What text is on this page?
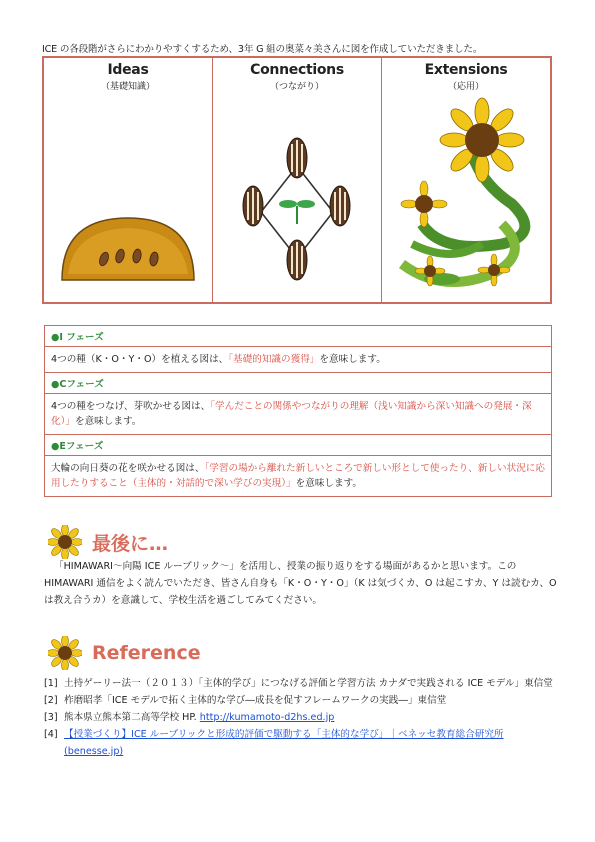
ICE の各段階がさらにわかりやすくするため、3年 G 組の奥菜々美さんに図を作成していただきました。
Ideas
（基礎知識）
Connections
（つながり）
Extensions
（応用）
●I フェーズ
4つの種（K・O・Y・O）を植える図は、「基礎的知識の獲得」を意味します。
●Cフェーズ
4つの種をつなげ、芽吹かせる図は、「学んだことの関係やつながりの理解（浅い知識から深い知識への発展・深化）」を意味します。
●Eフェーズ
大輪の向日葵の花を咲かせる図は、「学習の場から離れた新しいところで新しい形として使ったり、新しい状況に応用したりすること（主体的・対話的で深い学びの実現）」を意味します。
最後に…
「HIMAWARI〜向陽 ICE ルーブリック〜」を活用し、授業の振り返りをする場面があるかと思います。この HIMAWARI 通信をよく読んでいただき、皆さん自身も「K・O・Y・O」（K は気づくカ、O は起こすカ、Y は読むカ、O は教え合うカ）を意識して、学校生活を過ごしてみてください。
Reference
[1] 土持ゲーリー法一（２０１３）「主体的学び」につなげる評価と学習方法 カナダで実践される ICE モデル」東信堂
[2] 柞磨昭孝「ICE モデルで拓く主体的な学び―成長を促すフレームワークの実践―」東信堂
[3] 熊本県立熊本第二高等学校 HP. http://kumamoto-d2hs.ed.jp
[4] 【授業づくり】ICE ルーブリックと形成的評価で駆動する「主体的な学び」｜ベネッセ教育総合研究所 (benesse.jp)
